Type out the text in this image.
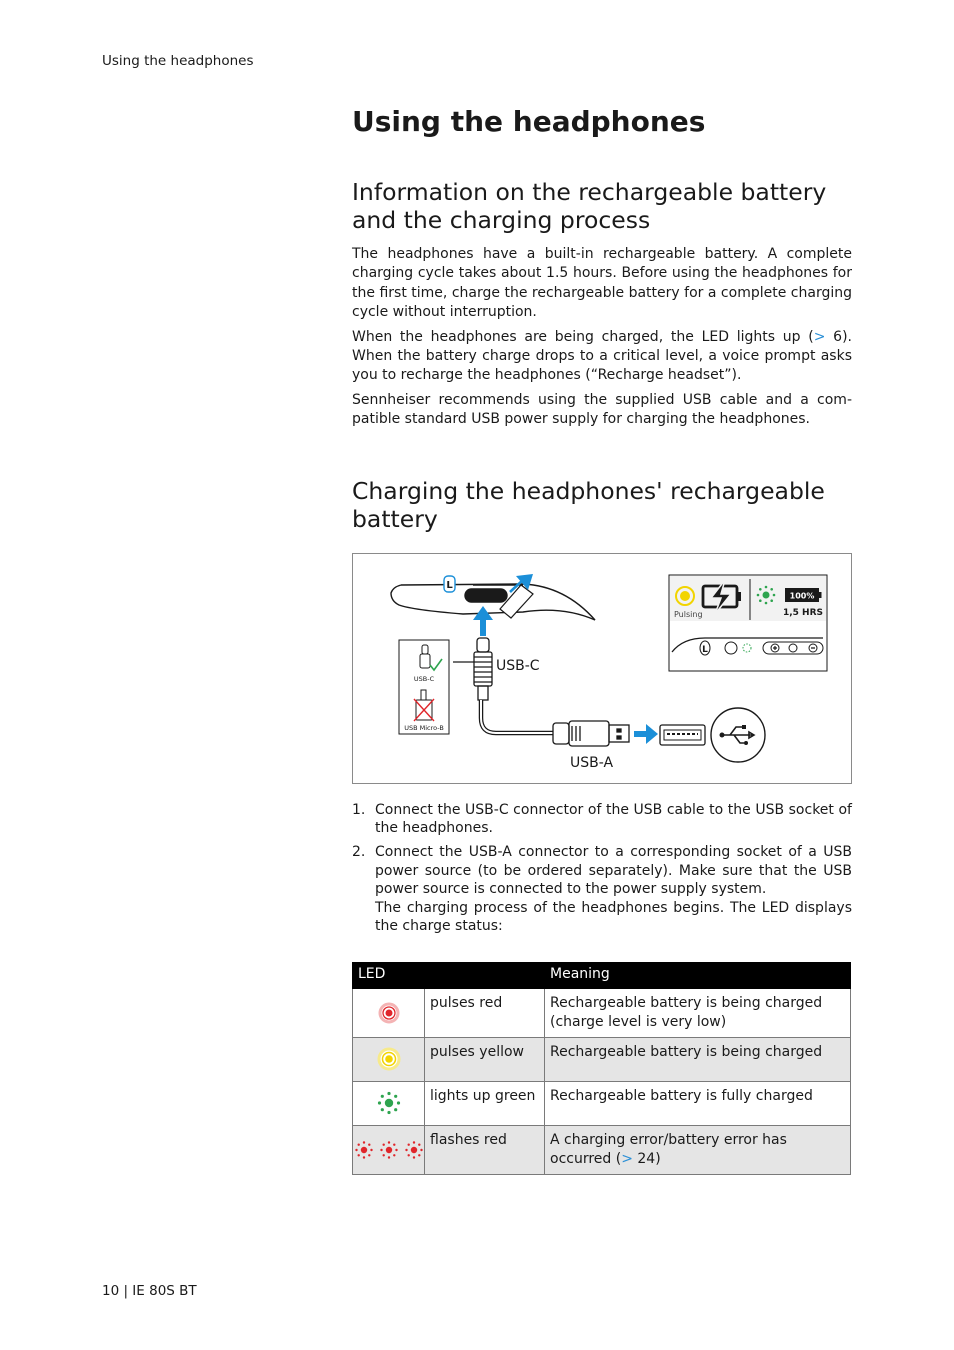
Using the headphones
Using the headphones
Information on the rechargeable battery and the charging process

The headphones have a built-in rechargeable battery. A complete charging cycle takes about 1.5 hours. Before using the headphones for the first time, charge the rechargeable battery for a complete charging cycle without interruption.

When the headphones are being charged, the LED lights up (> 6). When the battery charge drops to a critical level, a voice prompt asks you to recharge the headphones (“Recharge headset”).

Sennheiser recommends using the supplied USB cable and a com-patible standard USB power supply for charging the headphones.

Charging the headphones' rechargeable battery
L
USB-C
USB Micro-B
USB-C
USB-A
Pulsing
100%
1,5 HRS
L
1. Connect the USB-C connector of the USB cable to the USB socket of the headphones.
2. Connect the USB-A connector to a corresponding socket of a USB power source (to be ordered separately). Make sure that the USB power source is connected to the power supply system.
The charging process of the headphones begins. The LED displays the charge status:
LED		Meaning
	pulses red	Rechargeable battery is being charged (charge level is very low)
	pulses yellow	Rechargeable battery is being charged
	lights up green	Rechargeable battery is fully charged
	flashes red	A charging error/battery error has occurred (> 24)
10 | IE 80S BT
